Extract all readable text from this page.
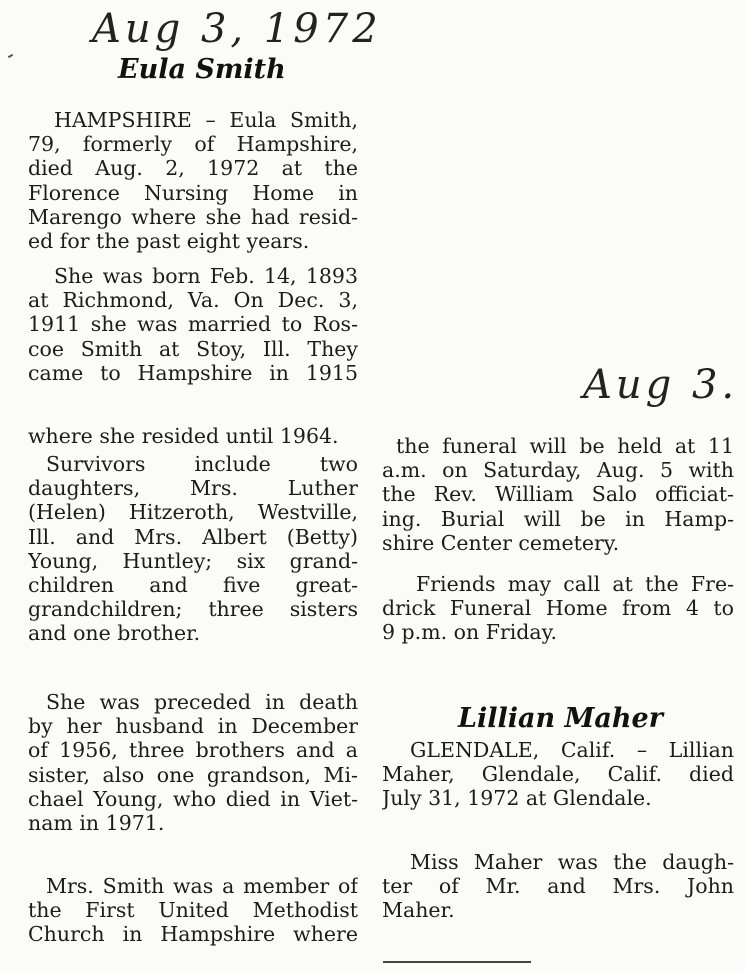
Aug 3, 1972
Aug 3.
Eula Smith
HAMPSHIRE – Eula Smith,
79, formerly of Hampshire,
died Aug. 2, 1972 at the
Florence Nursing Home in
Marengo where she had resid-
ed for the past eight years.
She was born Feb. 14, 1893
at Richmond, Va. On Dec. 3,
1911 she was married to Ros-
coe Smith at Stoy, Ill. They
came to Hampshire in 1915
where she resided until 1964.
Survivors include two
daughters, Mrs. Luther
(Helen) Hitzeroth, Westville,
Ill. and Mrs. Albert (Betty)
Young, Huntley; six grand-
children and five great-
grandchildren; three sisters
and one brother.
She was preceded in death
by her husband in December
of 1956, three brothers and a
sister, also one grandson, Mi-
chael Young, who died in Viet-
nam in 1971.
Mrs. Smith was a member of
the First United Methodist
Church in Hampshire where
the funeral will be held at 11
a.m. on Saturday, Aug. 5 with
the Rev. William Salo officiat-
ing. Burial will be in Hamp-
shire Center cemetery.
Friends may call at the Fre-
drick Funeral Home from 4 to
9 p.m. on Friday.
Lillian Maher
GLENDALE, Calif. – Lillian
Maher, Glendale, Calif. died
July 31, 1972 at Glendale.
Miss Maher was the daugh-
ter of Mr. and Mrs. John
Maher.
